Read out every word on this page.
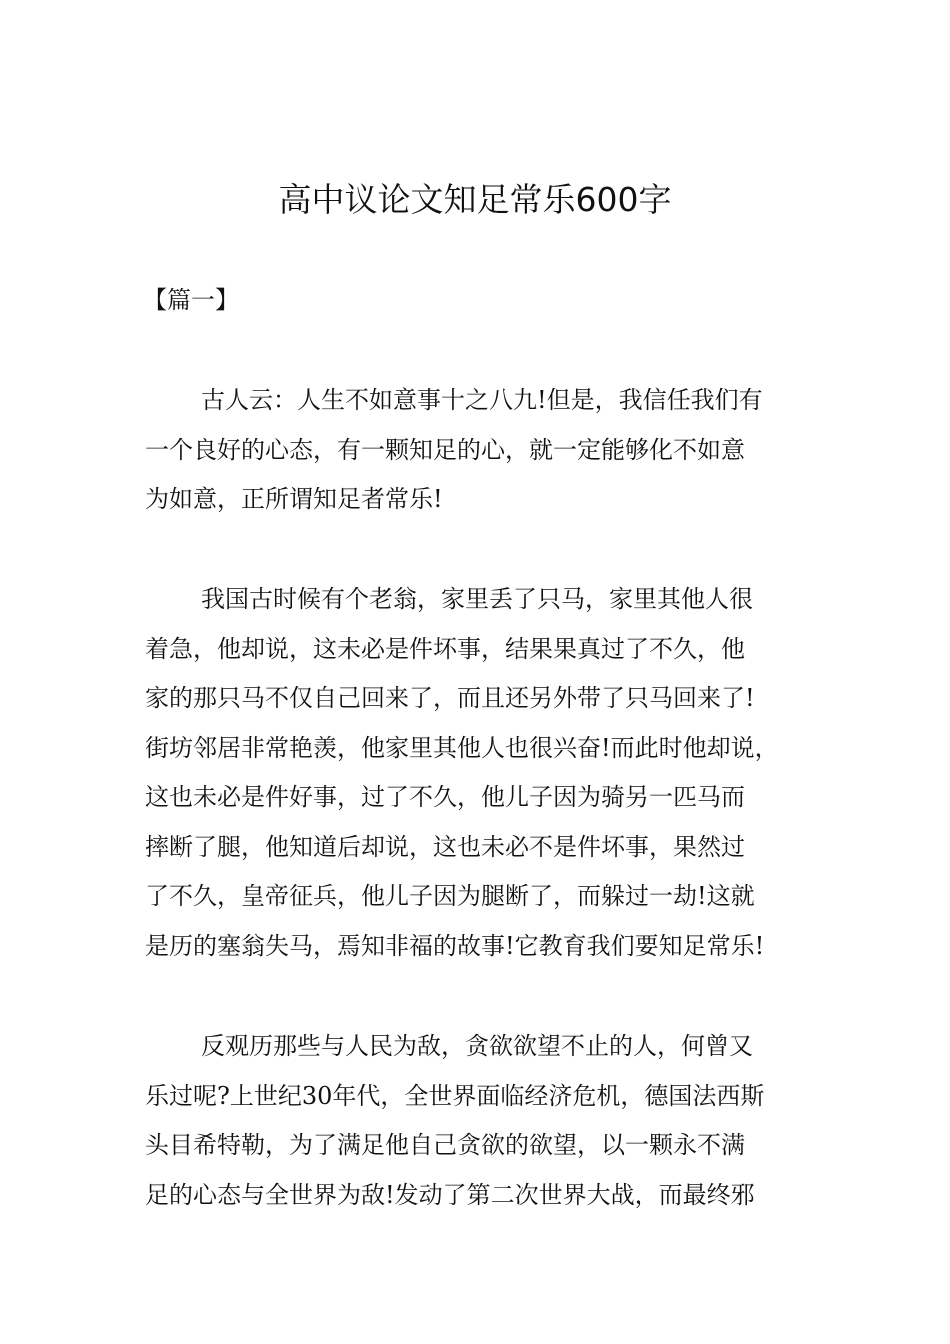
高中议论文知足常乐600字
【篇一】
古人云：人生不如意事十之八九!但是，我信任我们有
一个良好的心态，有一颗知足的心，就一定能够化不如意
为如意，正所谓知足者常乐!
我国古时候有个老翁，家里丢了只马，家里其他人很
着急，他却说，这未必是件坏事，结果果真过了不久，他
家的那只马不仅自己回来了，而且还另外带了只马回来了!
街坊邻居非常艳羡，他家里其他人也很兴奋!而此时他却说，
这也未必是件好事，过了不久，他儿子因为骑另一匹马而
摔断了腿，他知道后却说，这也未必不是件坏事，果然过
了不久，皇帝征兵，他儿子因为腿断了，而躲过一劫!这就
是历的塞翁失马，焉知非福的故事!它教育我们要知足常乐!
反观历那些与人民为敌，贪欲欲望不止的人，何曾又
乐过呢?上世纪30年代，全世界面临经济危机，德国法西斯
头目希特勒，为了满足他自己贪欲的欲望，以一颗永不满
足的心态与全世界为敌!发动了第二次世界大战，而最终邪
